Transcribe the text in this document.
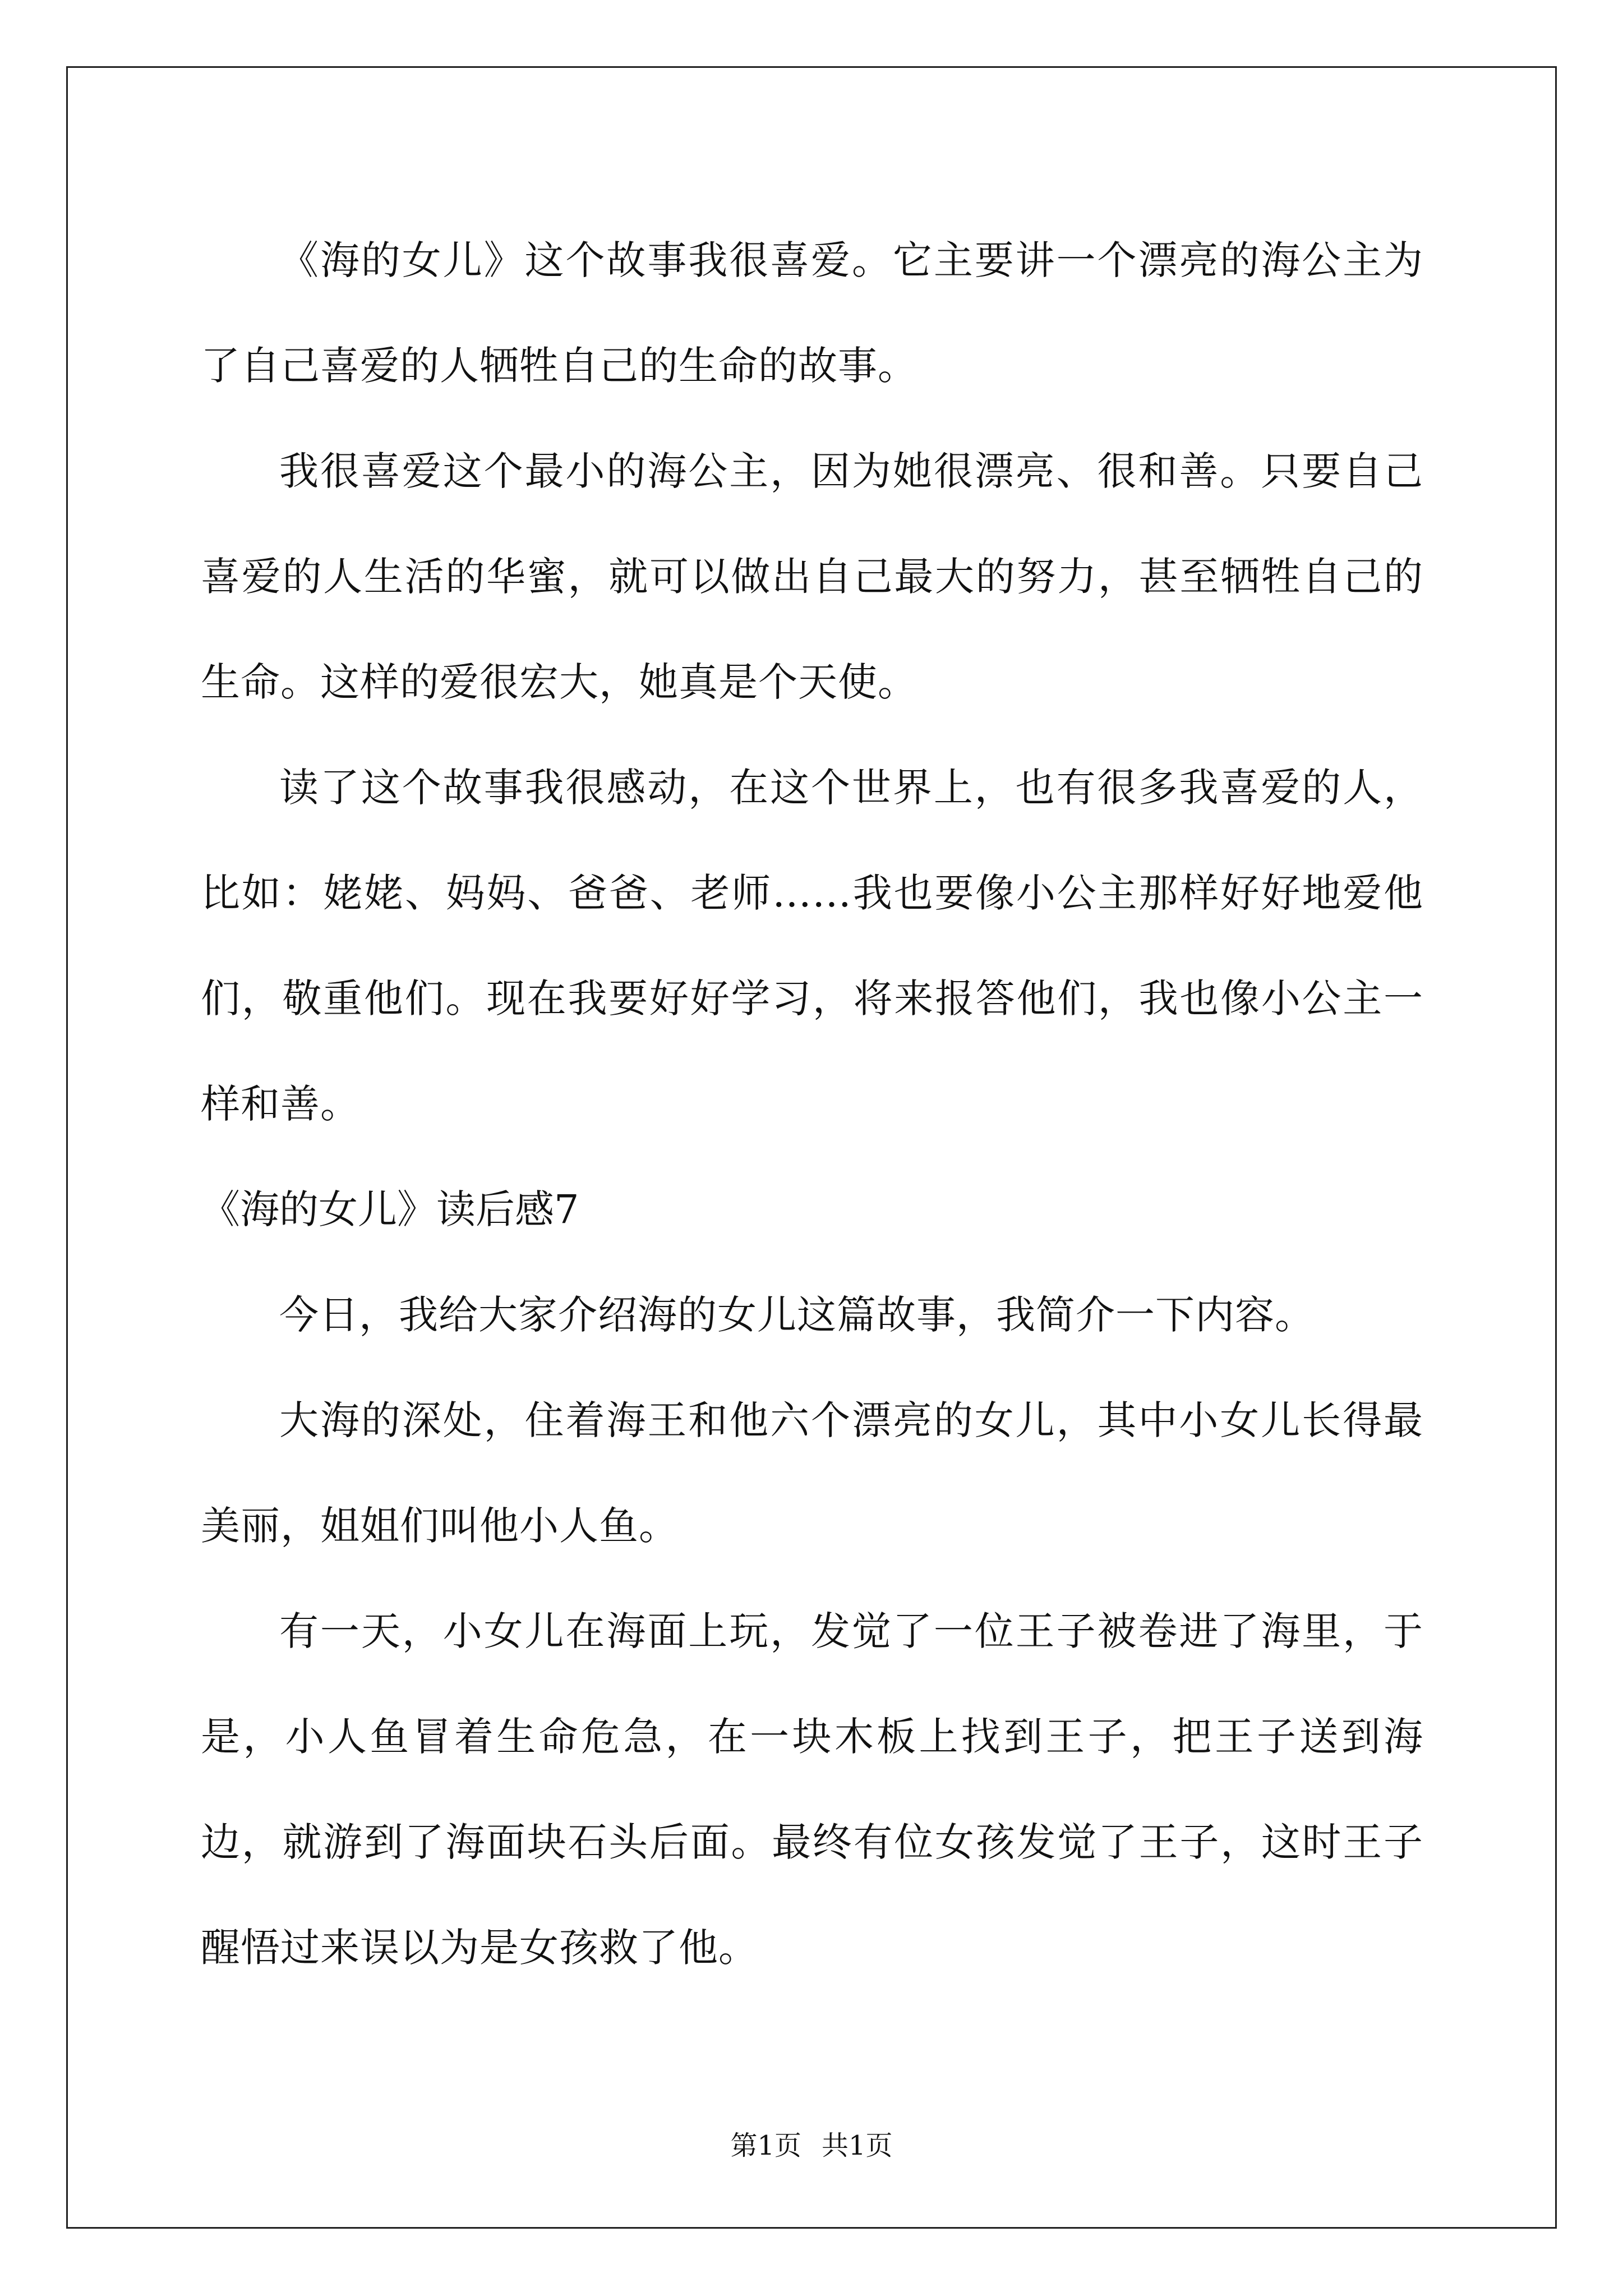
《海的女儿》这个故事我很喜爱。它主要讲一个漂亮的海公主为了自己喜爱的人牺牲自己的生命的故事。

我很喜爱这个最小的海公主，因为她很漂亮、很和善。只要自己喜爱的人生活的华蜜，就可以做出自己最大的努力，甚至牺牲自己的生命。这样的爱很宏大，她真是个天使。

读了这个故事我很感动，在这个世界上，也有很多我喜爱的人，比如：姥姥、妈妈、爸爸、老师……我也要像小公主那样好好地爱他们，敬重他们。现在我要好好学习，将来报答他们，我也像小公主一样和善。

《海的女儿》读后感7

今日，我给大家介绍海的女儿这篇故事，我简介一下内容。

大海的深处，住着海王和他六个漂亮的女儿，其中小女儿长得最美丽，姐姐们叫他小人鱼。

有一天，小女儿在海面上玩，发觉了一位王子被卷进了海里，于是，小人鱼冒着生命危急，在一块木板上找到王子，把王子送到海边，就游到了海面块石头后面。最终有位女孩发觉了王子，这时王子醒悟过来误以为是女孩救了他。

第1页 共1页
